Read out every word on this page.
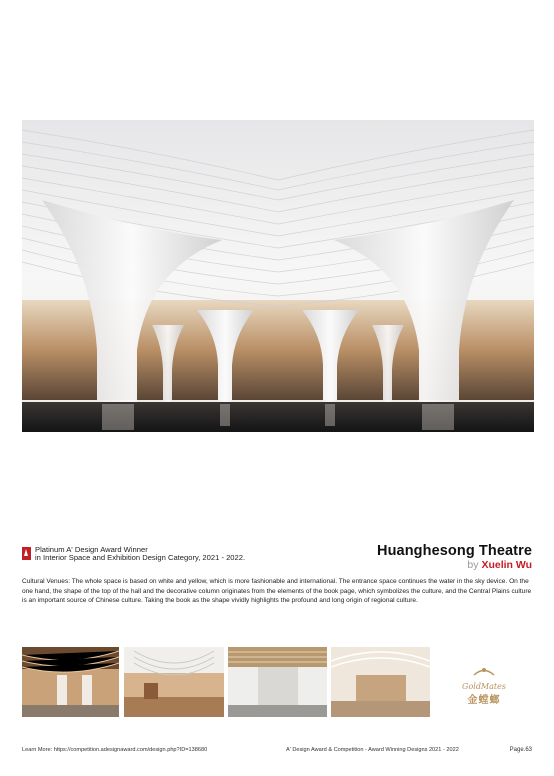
Platinum A' Design Award Winner
in Interior Space and Exhibition Design Category, 2021 - 2022.	Huanghesong Theatre
by Xuelin Wu
Cultural Venues: The whole space is based on white and yellow, which is more fashionable and international. The entrance space continues the water in the sky device. On the one hand, the shape of the top of the hall and the decorative column originates from the elements of the book page, which symbolizes the culture, and the Central Plains culture is an important source of Chinese culture. Taking the book as the shape vividly highlights the profound and long origin of regional culture.
GoldMates
金螳螂
Learn More: https://competition.adesignaward.com/design.php?ID=138680	A' Design Award & Competition - Award Winning Designs 2021 - 2022	Page.63
